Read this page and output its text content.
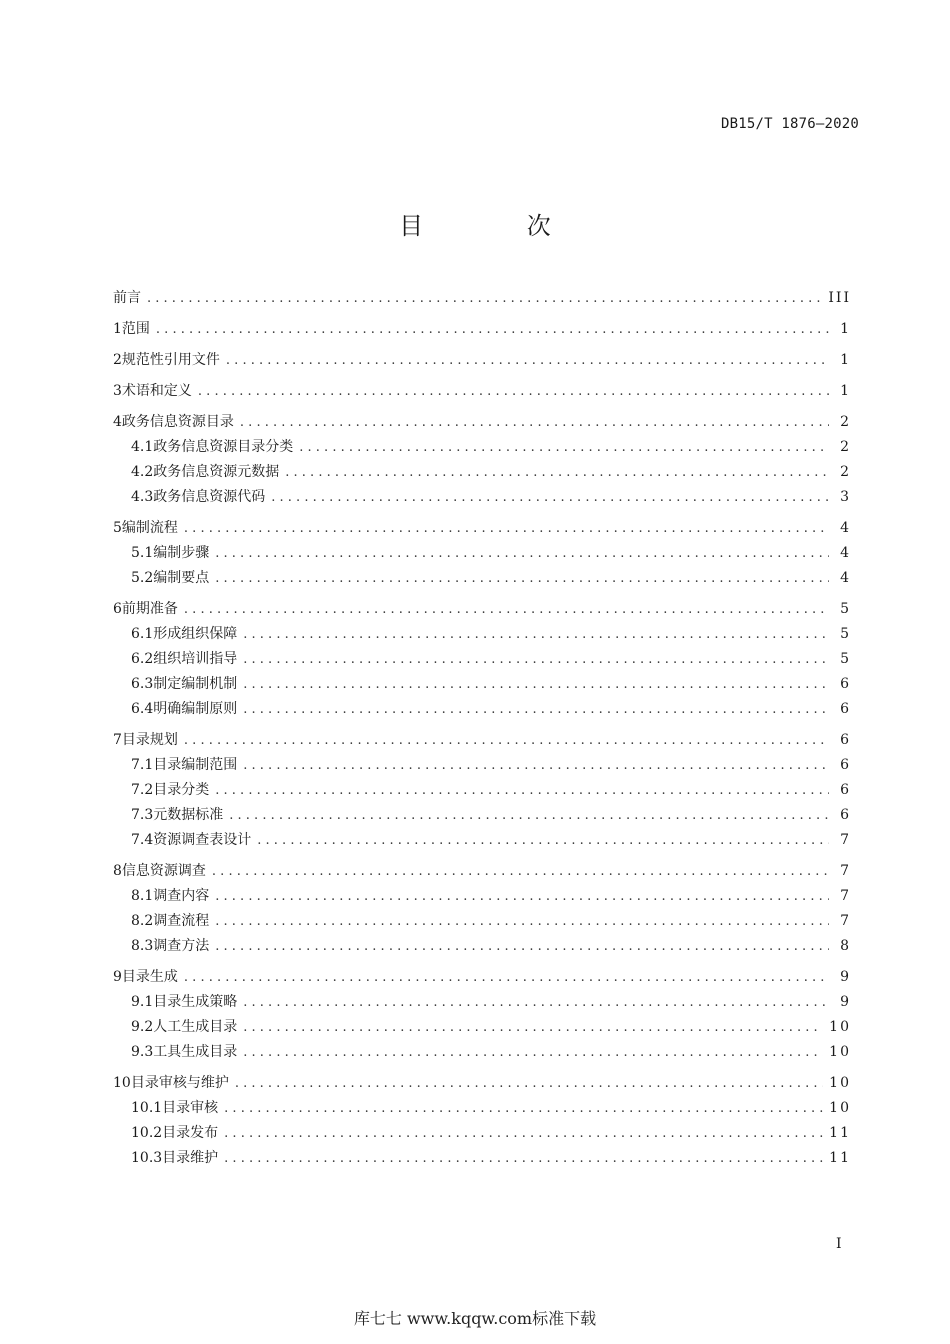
DB15/T 1876—2020
目 次
前言 . . .	III
1 范围 . . .	1
2 规范性引用文件 . . .	1
3 术语和定义 . . .	1
4 政务信息资源目录 . . .	2
4.1 政务信息资源目录分类 . . .	2
4.2 政务信息资源元数据 . . .	2
4.3 政务信息资源代码 . . .	3
5 编制流程 . . .	4
5.1 编制步骤 . . .	4
5.2 编制要点 . . .	4
6 前期准备 . . .	5
6.1 形成组织保障 . . .	5
6.2 组织培训指导 . . .	5
6.3 制定编制机制 . . .	6
6.4 明确编制原则 . . .	6
7 目录规划 . . .	6
7.1 目录编制范围 . . .	6
7.2 目录分类 . . .	6
7.3 元数据标准 . . .	6
7.4 资源调查表设计 . . .	7
8 信息资源调查 . . .	7
8.1 调查内容 . . .	7
8.2 调查流程 . . .	7
8.3 调查方法 . . .	8
9 目录生成 . . .	9
9.1 目录生成策略 . . .	9
9.2 人工生成目录 . . .	10
9.3 工具生成目录 . . .	10
10 目录审核与维护 . . .	10
10.1 目录审核 . . .	10
10.2 目录发布 . . .	11
10.3 目录维护 . . .	11
I
库七七 www.kqqw.com标准下载
